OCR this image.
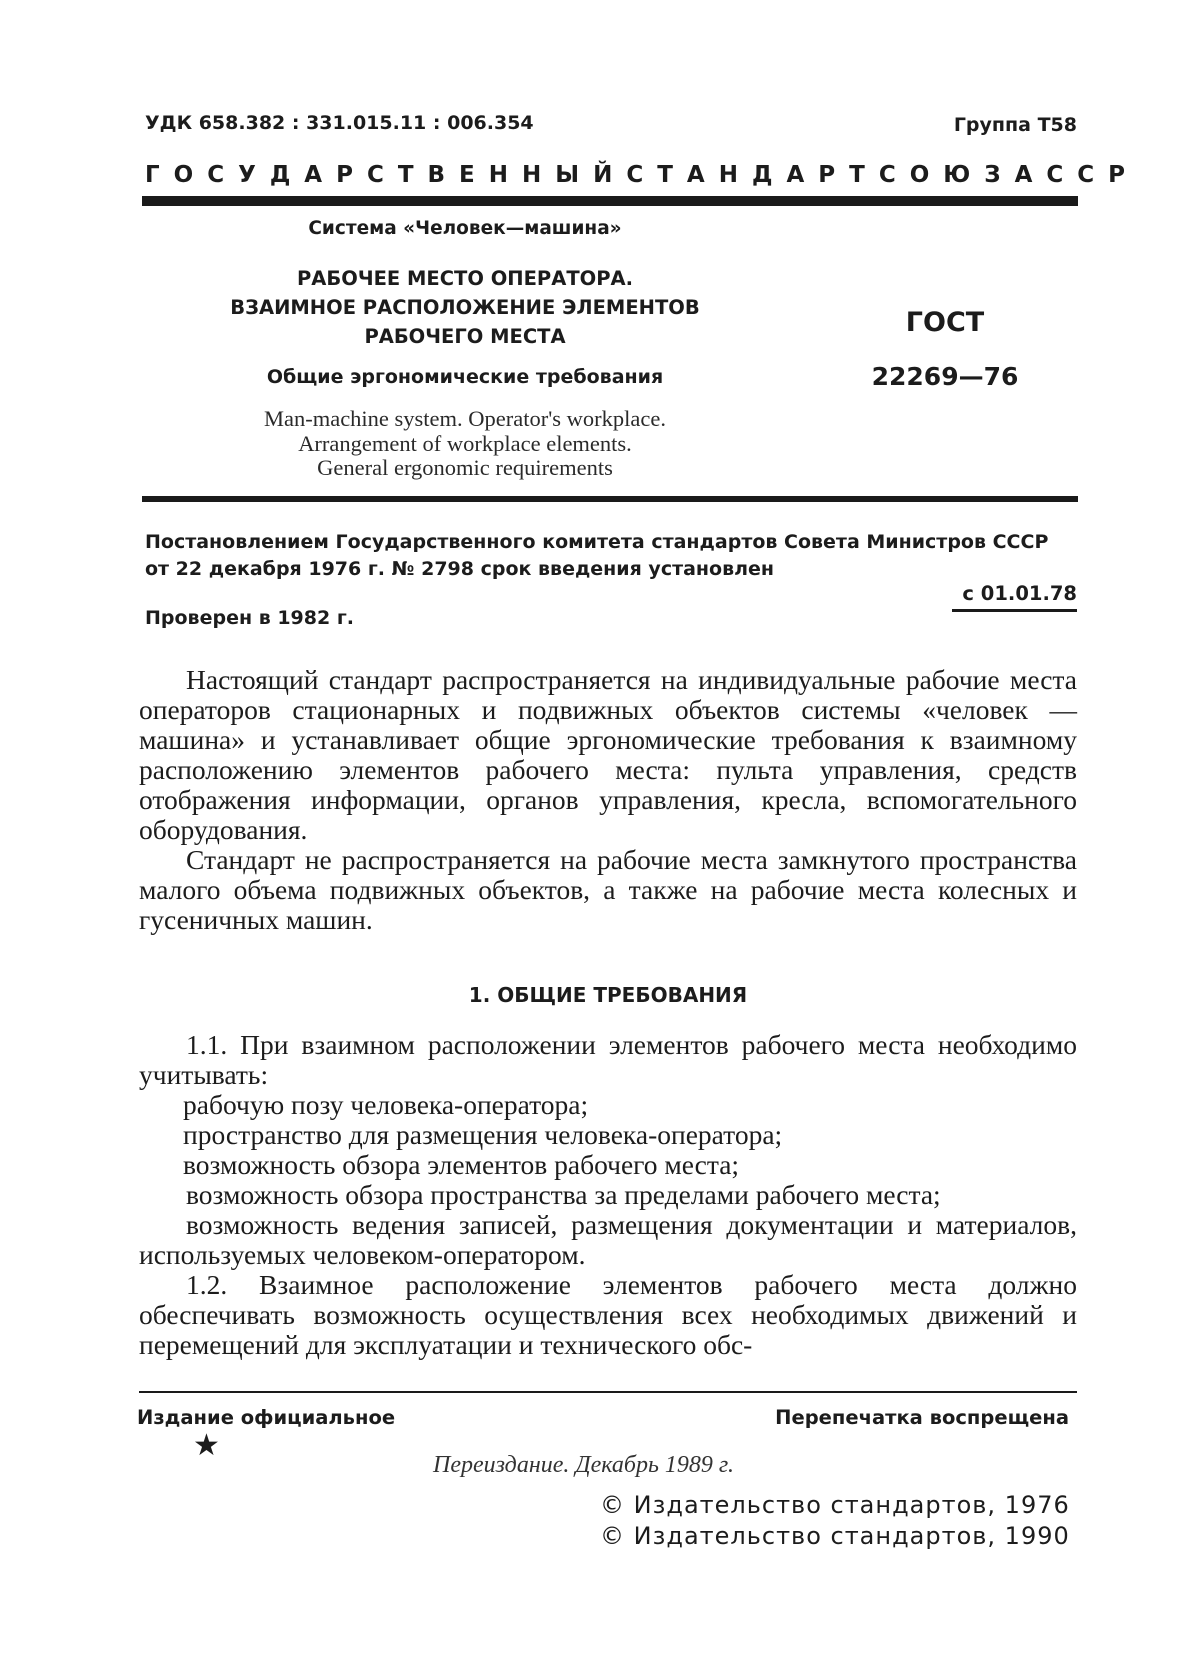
УДК 658.382 : 331.015.11 : 006.354	Группа Т58
ГОСУДАРСТВЕННЫЙ СТАНДАРТ СОЮЗА ССР
Система «Человек—машина»
РАБОЧЕЕ МЕСТО ОПЕРАТОРА.
ВЗАИМНОЕ РАСПОЛОЖЕНИЕ ЭЛЕМЕНТОВ
РАБОЧЕГО МЕСТА
Общие эргономические требования
Man-machine system. Operator's workplace.
Arrangement of workplace elements.
General ergonomic requirements
ГОСТ
22269—76
Постановлением Государственного комитета стандартов Совета Министров СССР от 22 декабря 1976 г. № 2798 срок введения установлен
с 01.01.78
Проверен в 1982 г.

Настоящий стандарт распространяется на индивидуальные рабочие места операторов стационарных и подвижных объектов системы «человек — машина» и устанавливает общие эргономические требования к взаимному расположению элементов рабочего места: пульта управления, средств отображения информации, органов управления, кресла, вспомогательного оборудования.

Стандарт не распространяется на рабочие места замкнутого пространства малого объема подвижных объектов, а также на рабочие места колесных и гусеничных машин.

1. ОБЩИЕ ТРЕБОВАНИЯ

1.1. При взаимном расположении элементов рабочего места необходимо учитывать:

рабочую позу человека-оператора;

пространство для размещения человека-оператора;

возможность обзора элементов рабочего места;

возможность обзора пространства за пределами рабочего места;

возможность ведения записей, размещения документации и материалов, используемых человеком-оператором.

1.2. Взаимное расположение элементов рабочего места должно обеспечивать возможность осуществления всех необходимых движений и перемещений для эксплуатации и технического обс-

Издание официальное	Перепечатка воспрещена
★
Переиздание. Декабрь 1989 г.
© Издательство стандартов, 1976
© Издательство стандартов, 1990
